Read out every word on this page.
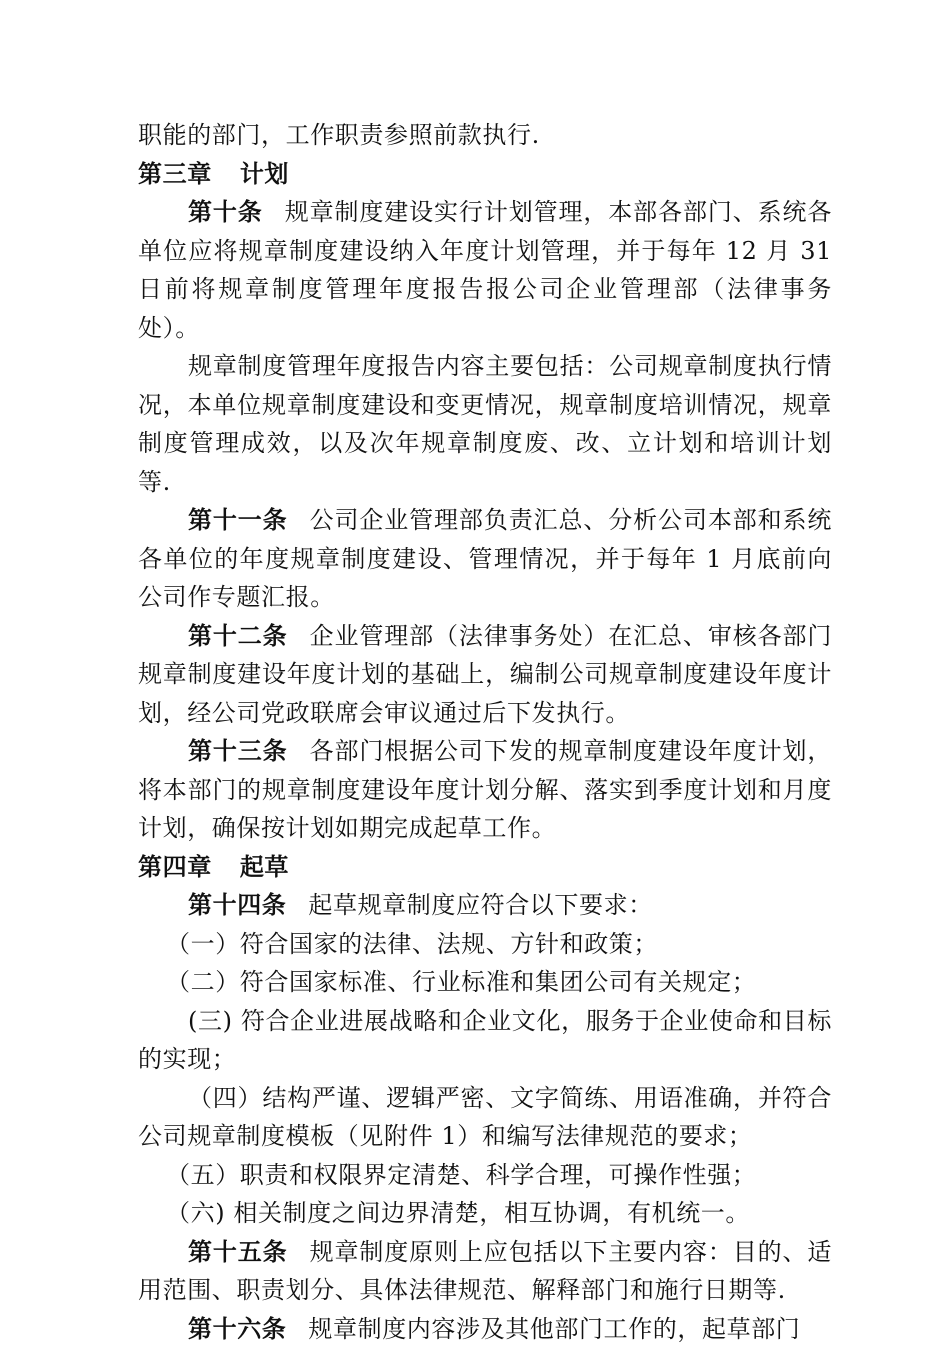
职能的部门，工作职责参照前款执行.

第三章 计划

第十条 规章制度建设实行计划管理，本部各部门、系统各单位应将规章制度建设纳入年度计划管理，并于每年 12 月 31 日前将规章制度管理年度报告报公司企业管理部（法律事务处）。

规章制度管理年度报告内容主要包括：公司规章制度执行情况，本单位规章制度建设和变更情况，规章制度培训情况，规章制度管理成效，以及次年规章制度废、改、立计划和培训计划等.

第十一条 公司企业管理部负责汇总、分析公司本部和系统各单位的年度规章制度建设、管理情况，并于每年 1 月底前向公司作专题汇报。

第十二条 企业管理部（法律事务处）在汇总、审核各部门规章制度建设年度计划的基础上，编制公司规章制度建设年度计划，经公司党政联席会审议通过后下发执行。

第十三条 各部门根据公司下发的规章制度建设年度计划，将本部门的规章制度建设年度计划分解、落实到季度计划和月度计划，确保按计划如期完成起草工作。

第四章 起草

第十四条 起草规章制度应符合以下要求：

（一）符合国家的法律、法规、方针和政策；

（二）符合国家标准、行业标准和集团公司有关规定；

(三) 符合企业进展战略和企业文化，服务于企业使命和目标的实现；

（四）结构严谨、逻辑严密、文字简练、用语准确，并符合公司规章制度模板（见附件 1）和编写法律规范的要求；

（五）职责和权限界定清楚、科学合理，可操作性强；

（六) 相关制度之间边界清楚，相互协调，有机统一。

第十五条 规章制度原则上应包括以下主要内容：目的、适用范围、职责划分、具体法律规范、解释部门和施行日期等.

第十六条 规章制度内容涉及其他部门工作的，起草部门
